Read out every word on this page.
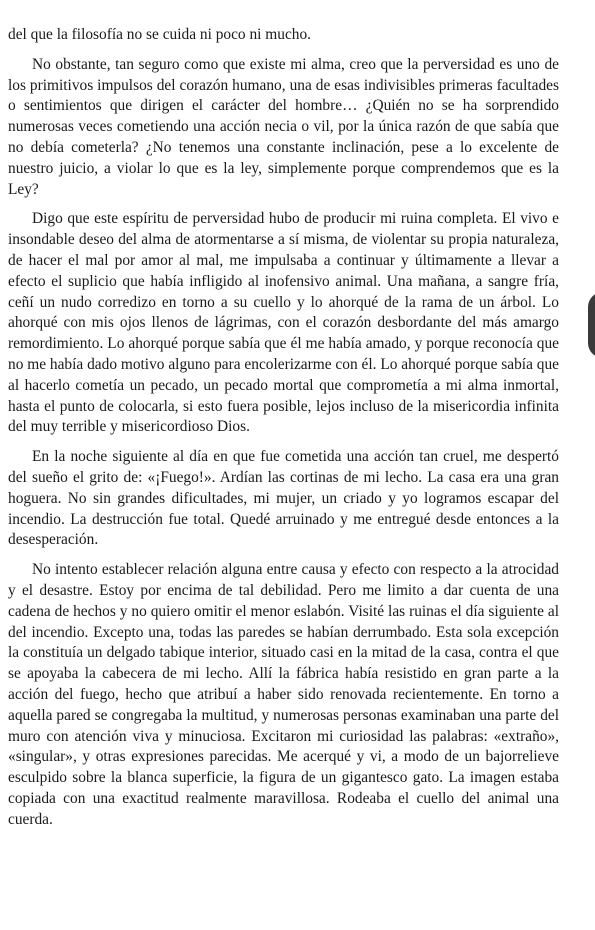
del que la filosofía no se cuida ni poco ni mucho.

No obstante, tan seguro como que existe mi alma, creo que la perversidad es uno de los primitivos impulsos del corazón humano, una de esas indivisibles primeras facultades o sentimientos que dirigen el carácter del hombre… ¿Quién no se ha sorprendido numerosas veces cometiendo una acción necia o vil, por la única razón de que sabía que no debía cometerla? ¿No tenemos una constante inclinación, pese a lo excelente de nuestro juicio, a violar lo que es la ley, simplemente porque comprendemos que es la Ley?

Digo que este espíritu de perversidad hubo de producir mi ruina completa. El vivo e insondable deseo del alma de atormentarse a sí misma, de violentar su propia naturaleza, de hacer el mal por amor al mal, me impulsaba a continuar y últimamente a llevar a efecto el suplicio que había infligido al inofensivo animal. Una mañana, a sangre fría, ceñí un nudo corredizo en torno a su cuello y lo ahorqué de la rama de un árbol. Lo ahorqué con mis ojos llenos de lágrimas, con el corazón desbordante del más amargo remordimiento. Lo ahorqué porque sabía que él me había amado, y porque reconocía que no me había dado motivo alguno para encolerizarme con él. Lo ahorqué porque sabía que al hacerlo cometía un pecado, un pecado mortal que comprometía a mi alma inmortal, hasta el punto de colocarla, si esto fuera posible, lejos incluso de la misericordia infinita del muy terrible y misericordioso Dios.

En la noche siguiente al día en que fue cometida una acción tan cruel, me despertó del sueño el grito de: «¡Fuego!». Ardían las cortinas de mi lecho. La casa era una gran hoguera. No sin grandes dificultades, mi mujer, un criado y yo logramos escapar del incendio. La destrucción fue total. Quedé arruinado y me entregué desde entonces a la desesperación.

No intento establecer relación alguna entre causa y efecto con respecto a la atrocidad y el desastre. Estoy por encima de tal debilidad. Pero me limito a dar cuenta de una cadena de hechos y no quiero omitir el menor eslabón. Visité las ruinas el día siguiente al del incendio. Excepto una, todas las paredes se habían derrumbado. Esta sola excepción la constituía un delgado tabique interior, situado casi en la mitad de la casa, contra el que se apoyaba la cabecera de mi lecho. Allí la fábrica había resistido en gran parte a la acción del fuego, hecho que atribuí a haber sido renovada recientemente. En torno a aquella pared se congregaba la multitud, y numerosas personas examinaban una parte del muro con atención viva y minuciosa. Excitaron mi curiosidad las palabras: «extraño», «singular», y otras expresiones parecidas. Me acerqué y vi, a modo de un bajorrelieve esculpido sobre la blanca superficie, la figura de un gigantesco gato. La imagen estaba copiada con una exactitud realmente maravillosa. Rodeaba el cuello del animal una cuerda.
